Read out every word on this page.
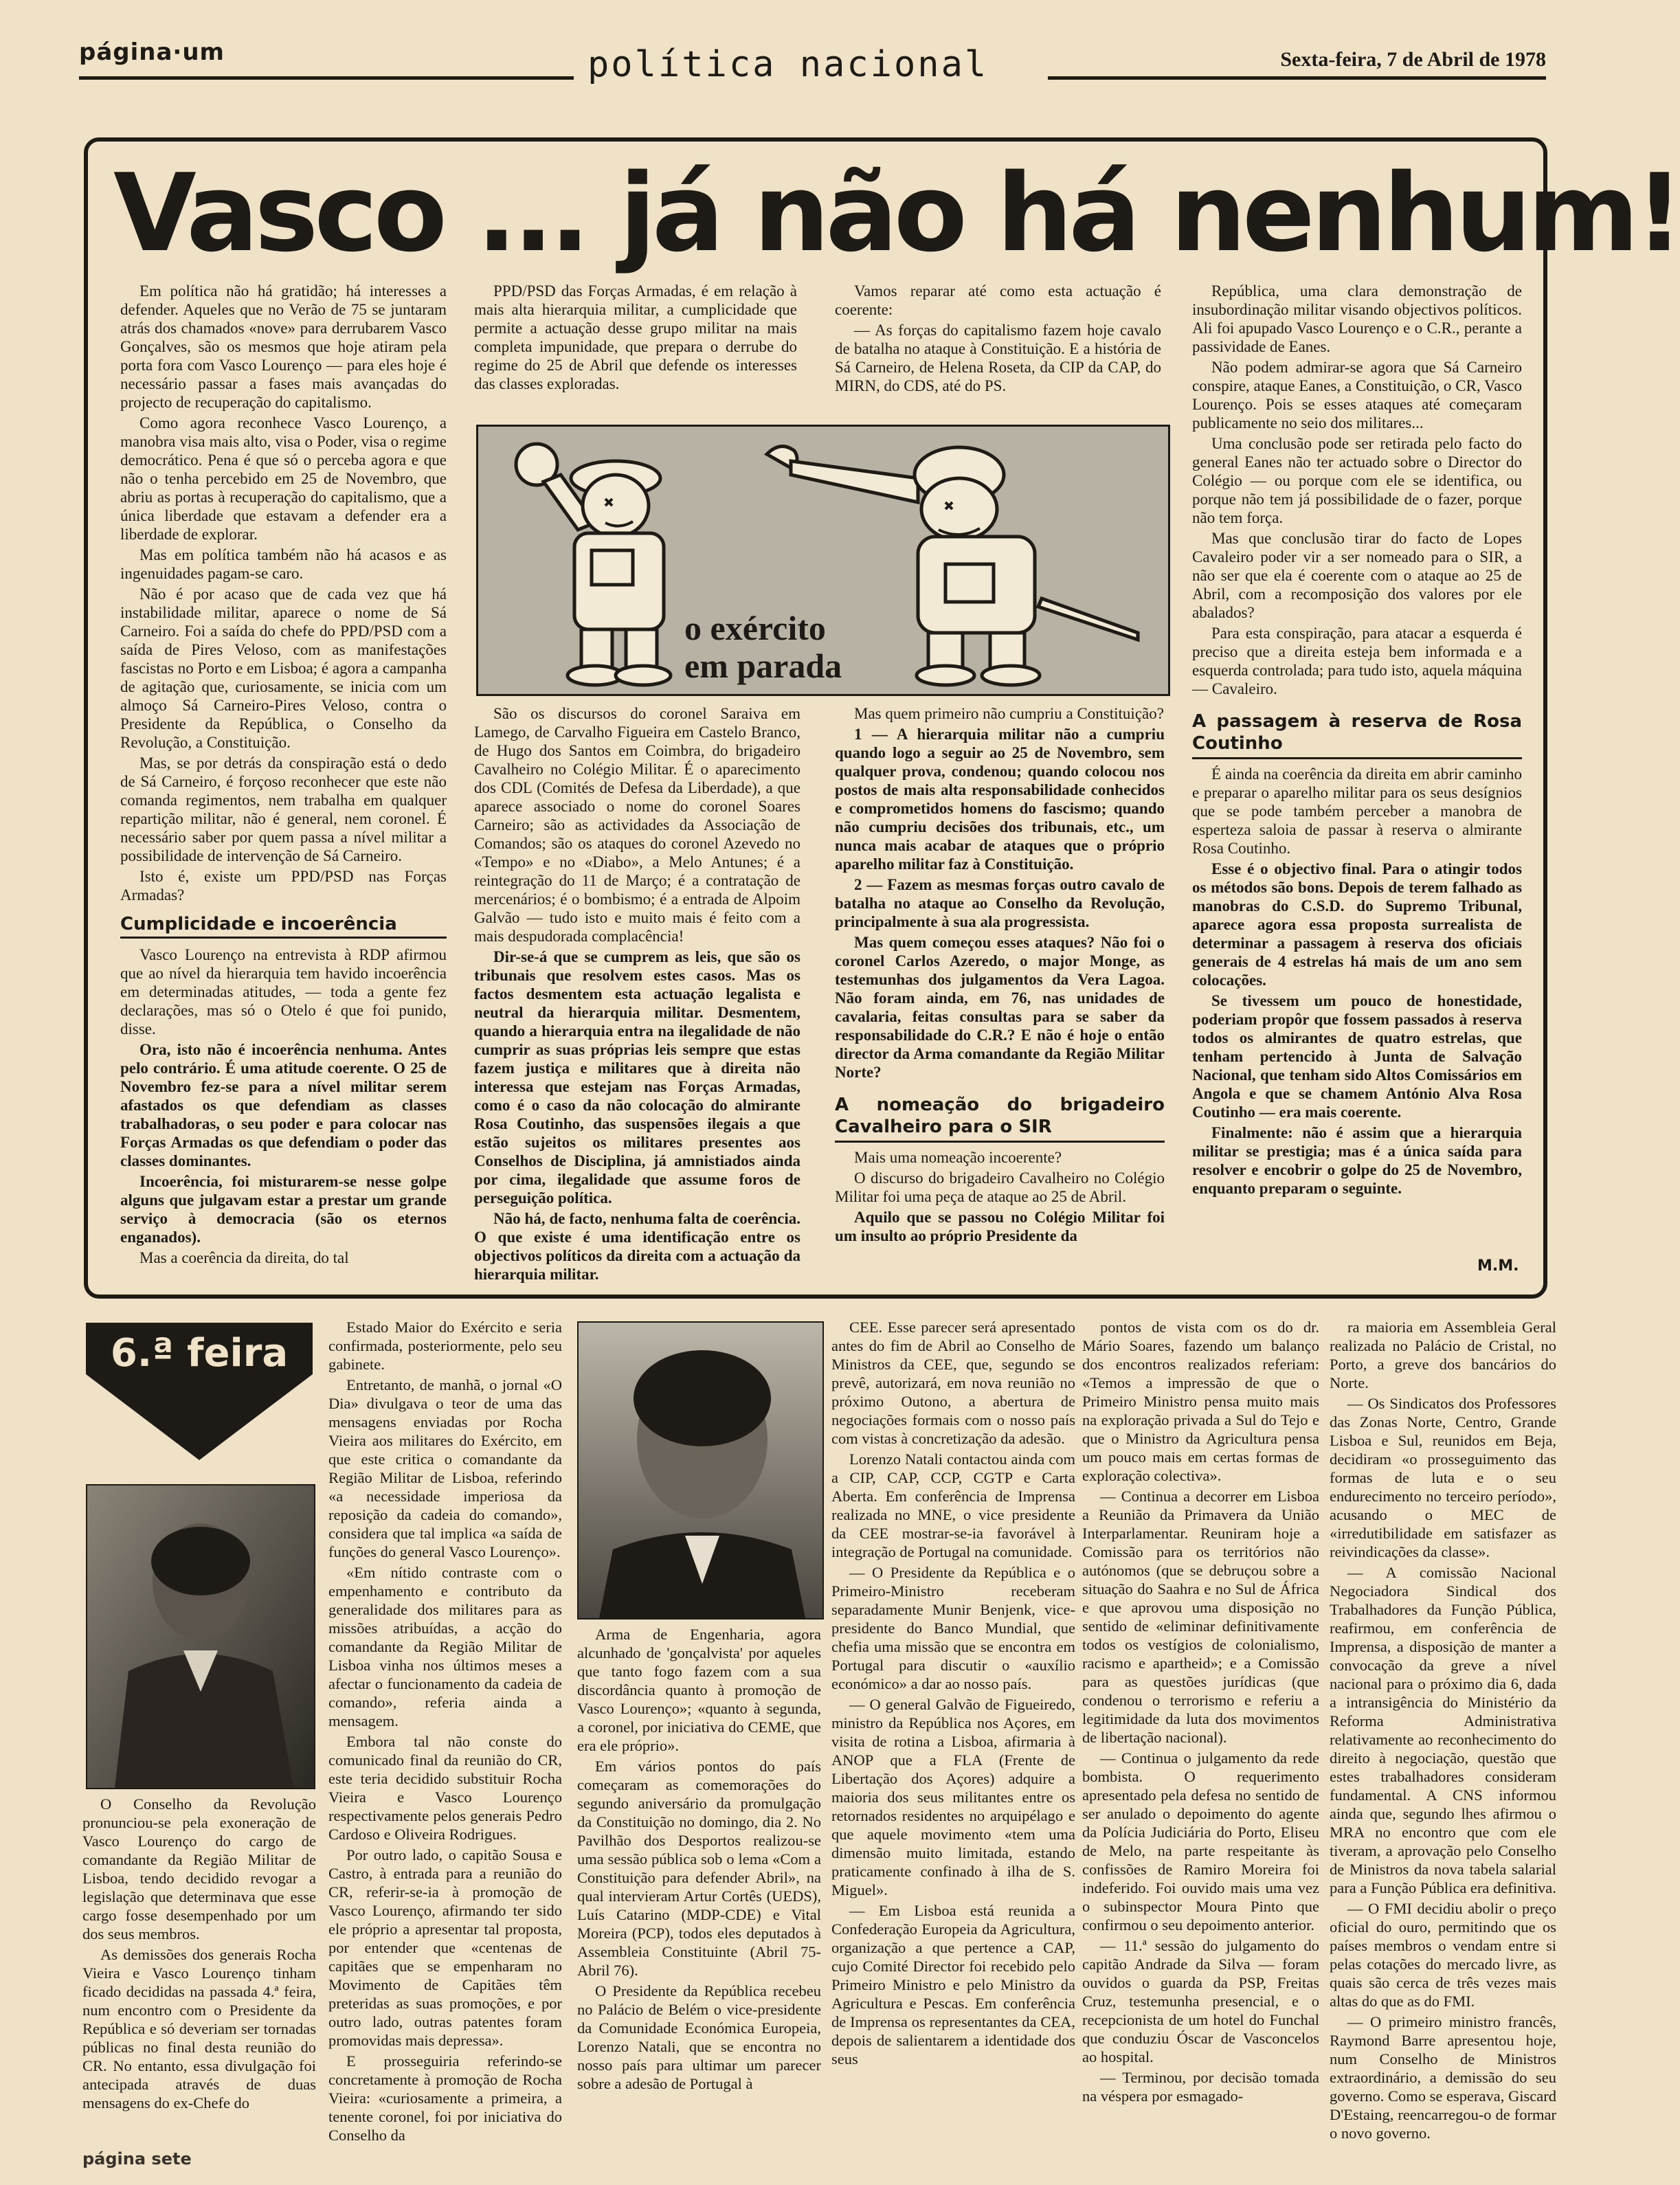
página·um	política nacional	Sexta-feira, 7 de Abril de 1978
Vasco ... já não há nenhum!

Em política não há gratidão; há interesses a defender. Aqueles que no Verão de 75 se juntaram atrás dos chamados «nove» para derrubarem Vasco Gonçalves, são os mesmos que hoje atiram pela porta fora com Vasco Lourenço — para eles hoje é necessário passar a fases mais avançadas do projecto de recuperação do capitalismo.

Como agora reconhece Vasco Lourenço, a manobra visa mais alto, visa o Poder, visa o regime democrático. Pena é que só o perceba agora e que não o tenha percebido em 25 de Novembro, que abriu as portas à recuperação do capitalismo, que a única liberdade que estavam a defender era a liberdade de explorar.

Mas em política também não há acasos e as ingenuidades pagam-se caro.

Não é por acaso que de cada vez que há instabilidade militar, aparece o nome de Sá Carneiro. Foi a saída do chefe do PPD/PSD com a saída de Pires Veloso, com as manifestações fascistas no Porto e em Lisboa; é agora a campanha de agitação que, curiosamente, se inicia com um almoço Sá Carneiro-Pires Veloso, contra o Presidente da República, o Conselho da Revolução, a Constituição.

Mas, se por detrás da conspiração está o dedo de Sá Carneiro, é forçoso reconhecer que este não comanda regimentos, nem trabalha em qualquer repartição militar, não é general, nem coronel. É necessário saber por quem passa a nível militar a possibilidade de intervenção de Sá Carneiro.

Isto é, existe um PPD/PSD nas Forças Armadas?

Cumplicidade e incoerência

Vasco Lourenço na entrevista à RDP afirmou que ao nível da hierarquia tem havido incoerência em determinadas atitudes, — toda a gente fez declarações, mas só o Otelo é que foi punido, disse.

Ora, isto não é incoerência nenhuma. Antes pelo contrário. É uma atitude coerente. O 25 de Novembro fez-se para a nível militar serem afastados os que defendiam as classes trabalhadoras, o seu poder e para colocar nas Forças Armadas os que defendiam o poder das classes dominantes.

Incoerência, foi misturarem-se nesse golpe alguns que julgavam estar a prestar um grande serviço à democracia (são os eternos enganados).

Mas a coerência da direita, do tal

PPD/PSD das Forças Armadas, é em relação à mais alta hierarquia militar, a cumplicidade que permite a actuação desse grupo militar na mais completa impunidade, que prepara o derrube do regime do 25 de Abril que defende os interesses das classes exploradas.

Vamos reparar até como esta actuação é coerente:

— As forças do capitalismo fazem hoje cavalo de batalha no ataque à Constituição. E a história de Sá Carneiro, de Helena Roseta, da CIP da CAP, do MIRN, do CDS, até do PS.

o exército
em parada

São os discursos do coronel Saraiva em Lamego, de Carvalho Figueira em Castelo Branco, de Hugo dos Santos em Coimbra, do brigadeiro Cavalheiro no Colégio Militar. É o aparecimento dos CDL (Comités de Defesa da Liberdade), a que aparece associado o nome do coronel Soares Carneiro; são as actividades da Associação de Comandos; são os ataques do coronel Azevedo no «Tempo» e no «Diabo», a Melo Antunes; é a reintegração do 11 de Março; é a contratação de mercenários; é o bombismo; é a entrada de Alpoim Galvão — tudo isto e muito mais é feito com a mais despudorada complacência!

Dir-se-á que se cumprem as leis, que são os tribunais que resolvem estes casos. Mas os factos desmentem esta actuação legalista e neutral da hierarquia militar. Desmentem, quando a hierarquia entra na ilegalidade de não cumprir as suas próprias leis sempre que estas fazem justiça e militares que à direita não interessa que estejam nas Forças Armadas, como é o caso da não colocação do almirante Rosa Coutinho, das suspensões ilegais a que estão sujeitos os militares presentes aos Conselhos de Disciplina, já amnistiados ainda por cima, ilegalidade que assume foros de perseguição política.

Não há, de facto, nenhuma falta de coerência. O que existe é uma identificação entre os objectivos políticos da direita com a actuação da hierarquia militar.

Mas quem primeiro não cumpriu a Constituição?

1 — A hierarquia militar não a cumpriu quando logo a seguir ao 25 de Novembro, sem qualquer prova, condenou; quando colocou nos postos de mais alta responsabilidade conhecidos e comprometidos homens do fascismo; quando não cumpriu decisões dos tribunais, etc., um nunca mais acabar de ataques que o próprio aparelho militar faz à Constituição.

2 — Fazem as mesmas forças outro cavalo de batalha no ataque ao Conselho da Revolução, principalmente à sua ala progressista.

Mas quem começou esses ataques? Não foi o coronel Carlos Azeredo, o major Monge, as testemunhas dos julgamentos da Vera Lagoa. Não foram ainda, em 76, nas unidades de cavalaria, feitas consultas para se saber da responsabilidade do C.R.? E não é hoje o então director da Arma comandante da Região Militar Norte?

A nomeação do brigadeiro Cavalheiro para o SIR

Mais uma nomeação incoerente?

O discurso do brigadeiro Cavalheiro no Colégio Militar foi uma peça de ataque ao 25 de Abril.

Aquilo que se passou no Colégio Militar foi um insulto ao próprio Presidente da

República, uma clara demonstração de insubordinação militar visando objectivos políticos. Ali foi apupado Vasco Lourenço e o C.R., perante a passividade de Eanes.

Não podem admirar-se agora que Sá Carneiro conspire, ataque Eanes, a Constituição, o CR, Vasco Lourenço. Pois se esses ataques até começaram publicamente no seio dos militares...

Uma conclusão pode ser retirada pelo facto do general Eanes não ter actuado sobre o Director do Colégio — ou porque com ele se identifica, ou porque não tem já possibilidade de o fazer, porque não tem força.

Mas que conclusão tirar do facto de Lopes Cavaleiro poder vir a ser nomeado para o SIR, a não ser que ela é coerente com o ataque ao 25 de Abril, com a recomposição dos valores por ele abalados?

Para esta conspiração, para atacar a esquerda é preciso que a direita esteja bem informada e a esquerda controlada; para tudo isto, aquela máquina — Cavaleiro.

A passagem à reserva de Rosa Coutinho

É ainda na coerência da direita em abrir caminho e preparar o aparelho militar para os seus desígnios que se pode também perceber a manobra de esperteza saloia de passar à reserva o almirante Rosa Coutinho.

Esse é o objectivo final. Para o atingir todos os métodos são bons. Depois de terem falhado as manobras do C.S.D. do Supremo Tribunal, aparece agora essa proposta surrealista de determinar a passagem à reserva dos oficiais generais de 4 estrelas há mais de um ano sem colocações.

Se tivessem um pouco de honestidade, poderiam propôr que fossem passados à reserva todos os almirantes de quatro estrelas, que tenham pertencido à Junta de Salvação Nacional, que tenham sido Altos Comissários em Angola e que se chamem António Alva Rosa Coutinho — era mais coerente.

Finalmente: não é assim que a hierarquia militar se prestigia; mas é a única saída para resolver e encobrir o golpe do 25 de Novembro, enquanto preparam o seguinte.

M.M.
6.ª feira

O Conselho da Revolução pronunciou-se pela exoneração de Vasco Lourenço do cargo de comandante da Região Militar de Lisboa, tendo decidido revogar a legislação que determinava que esse cargo fosse desempenhado por um dos seus membros.

As demissões dos generais Rocha Vieira e Vasco Lourenço tinham ficado decididas na passada 4.ª feira, num encontro com o Presidente da República e só deveriam ser tornadas públicas no final desta reunião do CR. No entanto, essa divulgação foi antecipada através de duas mensagens do ex-Chefe do

Estado Maior do Exército e seria confirmada, posteriormente, pelo seu gabinete.

Entretanto, de manhã, o jornal «O Dia» divulgava o teor de uma das mensagens enviadas por Rocha Vieira aos militares do Exército, em que este critica o comandante da Região Militar de Lisboa, referindo «a necessidade imperiosa da reposição da cadeia do comando», considera que tal implica «a saída de funções do general Vasco Lourenço».

«Em nítido contraste com o empenhamento e contributo da generalidade dos militares para as missões atribuídas, a acção do comandante da Região Militar de Lisboa vinha nos últimos meses a afectar o funcionamento da cadeia de comando», referia ainda a mensagem.

Embora tal não conste do comunicado final da reunião do CR, este teria decidido substituir Rocha Vieira e Vasco Lourenço respectivamente pelos generais Pedro Cardoso e Oliveira Rodrigues.

Por outro lado, o capitão Sousa e Castro, à entrada para a reunião do CR, referir-se-ia à promoção de Vasco Lourenço, afirmando ter sido ele próprio a apresentar tal proposta, por entender que «centenas de capitães que se empenharam no Movimento de Capitães têm preteridas as suas promoções, e por outro lado, outras patentes foram promovidas mais depressa».

E prosseguiria referindo-se concretamente à promoção de Rocha Vieira: «curiosamente a primeira, a tenente coronel, foi por iniciativa do Conselho da

Arma de Engenharia, agora alcunhado de 'gonçalvista' por aqueles que tanto fogo fazem com a sua discordância quanto à promoção de Vasco Lourenço»; «quanto à segunda, a coronel, por iniciativa do CEME, que era ele próprio».

Em vários pontos do país começaram as comemorações do segundo aniversário da promulgação da Constituição no domingo, dia 2. No Pavilhão dos Desportos realizou-se uma sessão pública sob o lema «Com a Constituição para defender Abril», na qual intervieram Artur Cortês (UEDS), Luís Catarino (MDP-CDE) e Vital Moreira (PCP), todos eles deputados à Assembleia Constituinte (Abril 75-Abril 76).

O Presidente da República recebeu no Palácio de Belém o vice-presidente da Comunidade Económica Europeia, Lorenzo Natali, que se encontra no nosso país para ultimar um parecer sobre a adesão de Portugal à

CEE. Esse parecer será apresentado antes do fim de Abril ao Conselho de Ministros da CEE, que, segundo se prevê, autorizará, em nova reunião no próximo Outono, a abertura de negociações formais com o nosso país com vistas à concretização da adesão.

Lorenzo Natali contactou ainda com a CIP, CAP, CCP, CGTP e Carta Aberta. Em conferência de Imprensa realizada no MNE, o vice presidente da CEE mostrar-se-ia favorável à integração de Portugal na comunidade.

— O Presidente da República e o Primeiro-Ministro receberam separadamente Munir Benjenk, vice-presidente do Banco Mundial, que chefia uma missão que se encontra em Portugal para discutir o «auxílio económico» a dar ao nosso país.

— O general Galvão de Figueiredo, ministro da República nos Açores, em visita de rotina a Lisboa, afirmaria à ANOP que a FLA (Frente de Libertação dos Açores) adquire a maioria dos seus militantes entre os retornados residentes no arquipélago e que aquele movimento «tem uma dimensão muito limitada, estando praticamente confinado à ilha de S. Miguel».

— Em Lisboa está reunida a Confederação Europeia da Agricultura, organização a que pertence a CAP, cujo Comité Director foi recebido pelo Primeiro Ministro e pelo Ministro da Agricultura e Pescas. Em conferência de Imprensa os representantes da CEA, depois de salientarem a identidade dos seus

pontos de vista com os do dr. Mário Soares, fazendo um balanço dos encontros realizados referiam: «Temos a impressão de que o Primeiro Ministro pensa muito mais na exploração privada a Sul do Tejo e que o Ministro da Agricultura pensa um pouco mais em certas formas de exploração colectiva».

— Continua a decorrer em Lisboa a Reunião da Primavera da União Interparlamentar. Reuniram hoje a Comissão para os territórios não autónomos (que se debruçou sobre a situação do Saahra e no Sul de África e que aprovou uma disposição no sentido de «eliminar definitivamente todos os vestígios de colonialismo, racismo e apartheid»; e a Comissão para as questões jurídicas (que condenou o terrorismo e referiu a legitimidade da luta dos movimentos de libertação nacional).

— Continua o julgamento da rede bombista. O requerimento apresentado pela defesa no sentido de ser anulado o depoimento do agente da Polícia Judiciária do Porto, Eliseu de Melo, na parte respeitante às confissões de Ramiro Moreira foi indeferido. Foi ouvido mais uma vez o subinspector Moura Pinto que confirmou o seu depoimento anterior.

— 11.ª sessão do julgamento do capitão Andrade da Silva — foram ouvidos o guarda da PSP, Freitas Cruz, testemunha presencial, e o recepcionista de um hotel do Funchal que conduziu Óscar de Vasconcelos ao hospital.

— Terminou, por decisão tomada na véspera por esmagado-

ra maioria em Assembleia Geral realizada no Palácio de Cristal, no Porto, a greve dos bancários do Norte.

— Os Sindicatos dos Professores das Zonas Norte, Centro, Grande Lisboa e Sul, reunidos em Beja, decidiram «o prosseguimento das formas de luta e o seu endurecimento no terceiro período», acusando o MEC de «irredutibilidade em satisfazer as reivindicações da classe».

— A comissão Nacional Negociadora Sindical dos Trabalhadores da Função Pública, reafirmou, em conferência de Imprensa, a disposição de manter a convocação da greve a nível nacional para o próximo dia 6, dada a intransigência do Ministério da Reforma Administrativa relativamente ao reconhecimento do direito à negociação, questão que estes trabalhadores consideram fundamental. A CNS informou ainda que, segundo lhes afirmou o MRA no encontro que com ele tiveram, a aprovação pelo Conselho de Ministros da nova tabela salarial para a Função Pública era definitiva.

— O FMI decidiu abolir o preço oficial do ouro, permitindo que os países membros o vendam entre si pelas cotações do mercado livre, as quais são cerca de três vezes mais altas do que as do FMI.

— O primeiro ministro francês, Raymond Barre apresentou hoje, num Conselho de Ministros extraordinário, a demissão do seu governo. Como se esperava, Giscard D'Estaing, reencarregou-o de formar o novo governo.

página sete
